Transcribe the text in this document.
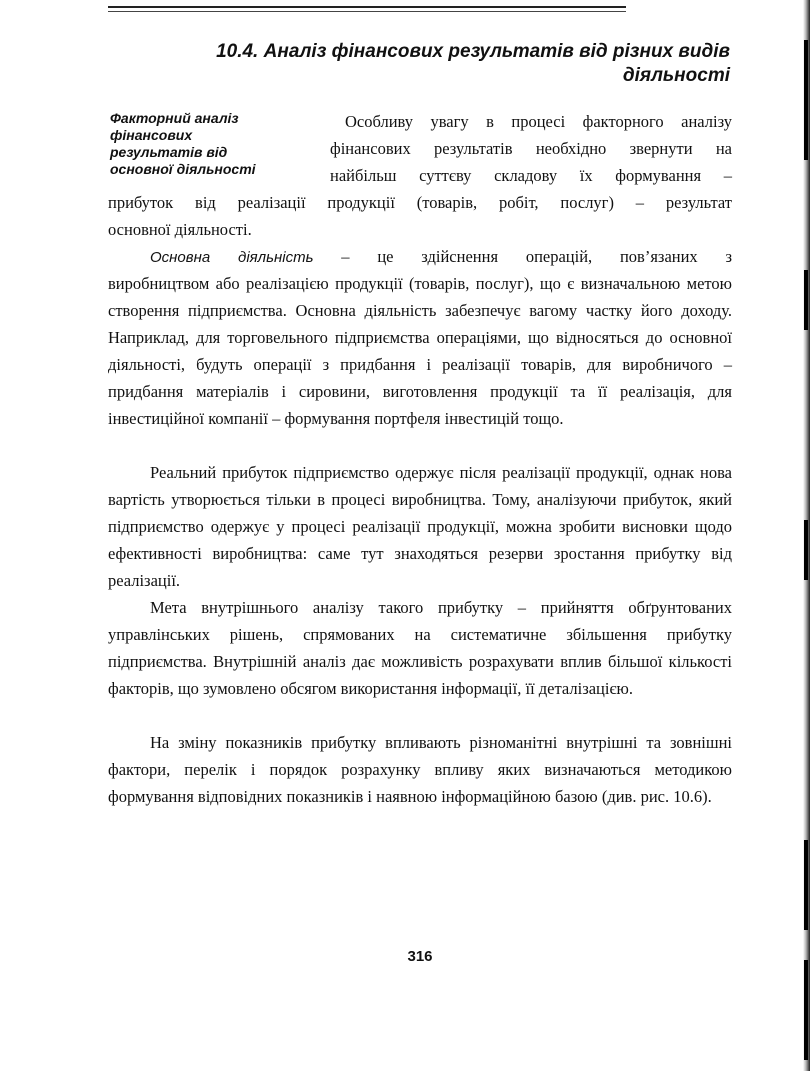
10.4. Аналіз фінансових результатів від різних видів
діяльності
Факторний аналіз
фінансових
результатів від
основної діяльності
Особливу увагу в процесі факторного аналізу
фінансових результатів необхідно звернути на
найбільш суттєву складову їх формування –
прибуток від реалізації продукції (товарів, робіт, послуг) – результат
основної діяльності.
Основна діяльність – це здійснення операцій, пов’язаних з
виробництвом або реалізацією продукції (товарів, послуг), що є визначальною метою створення підприємства. Основна діяльність забезпечує вагому частку його доходу. Наприклад, для торговельного підприємства операціями, що відносяться до основної діяльності, будуть операції з придбання і реалізації товарів, для виробничого – придбання матеріалів і сировини, виготовлення продукції та її реалізація, для інвестиційної компанії – формування портфеля інвестицій тощо.
Реальний прибуток підприємство одержує після реалізації продукції, однак нова вартість утворюється тільки в процесі виробництва. Тому, аналізуючи прибуток, який підприємство одержує у процесі реалізації продукції, можна зробити висновки щодо ефективності виробництва: саме тут знаходяться резерви зростання прибутку від реалізації.
Мета внутрішнього аналізу такого прибутку – прийняття обґрунтованих управлінських рішень, спрямованих на систематичне збільшення прибутку підприємства. Внутрішній аналіз дає можливість розрахувати вплив більшої кількості факторів, що зумовлено обсягом використання інформації, її деталізацією.
На зміну показників прибутку впливають різноманітні внутрішні та зовнішні фактори, перелік і порядок розрахунку впливу яких визначаються методикою формування відповідних показників і наявною інформаційною базою (див. рис. 10.6).
316
